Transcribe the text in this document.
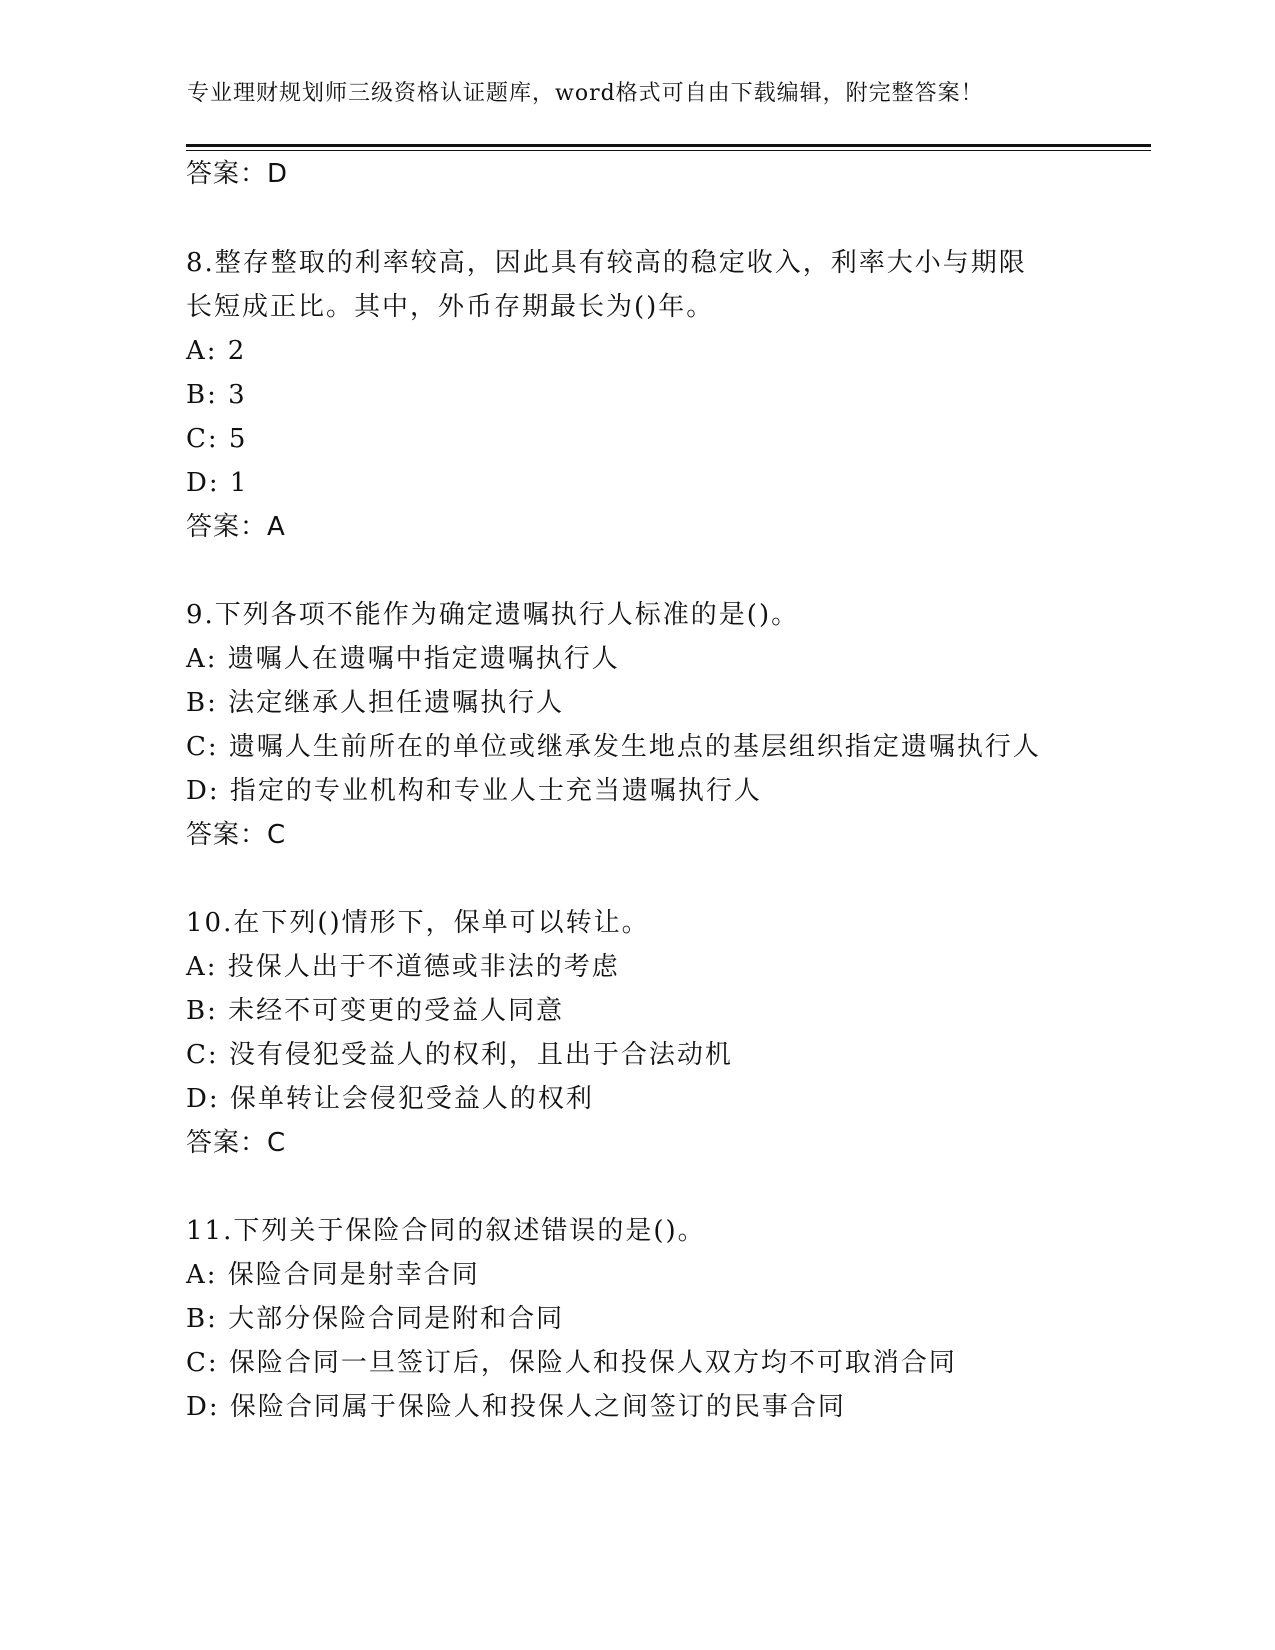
专业理财规划师三级资格认证题库，word格式可自由下载编辑，附完整答案！
答案：D
8.整存整取的利率较高，因此具有较高的稳定收入，利率大小与期限
长短成正比。其中，外币存期最长为()年。
A: 2
B: 3
C: 5
D: 1
答案：A
9.下列各项不能作为确定遗嘱执行人标准的是()。
A: 遗嘱人在遗嘱中指定遗嘱执行人
B: 法定继承人担任遗嘱执行人
C: 遗嘱人生前所在的单位或继承发生地点的基层组织指定遗嘱执行人
D: 指定的专业机构和专业人士充当遗嘱执行人
答案：C
10.在下列()情形下，保单可以转让。
A: 投保人出于不道德或非法的考虑
B: 未经不可变更的受益人同意
C: 没有侵犯受益人的权利，且出于合法动机
D: 保单转让会侵犯受益人的权利
答案：C
11.下列关于保险合同的叙述错误的是()。
A: 保险合同是射幸合同
B: 大部分保险合同是附和合同
C: 保险合同一旦签订后，保险人和投保人双方均不可取消合同
D: 保险合同属于保险人和投保人之间签订的民事合同
